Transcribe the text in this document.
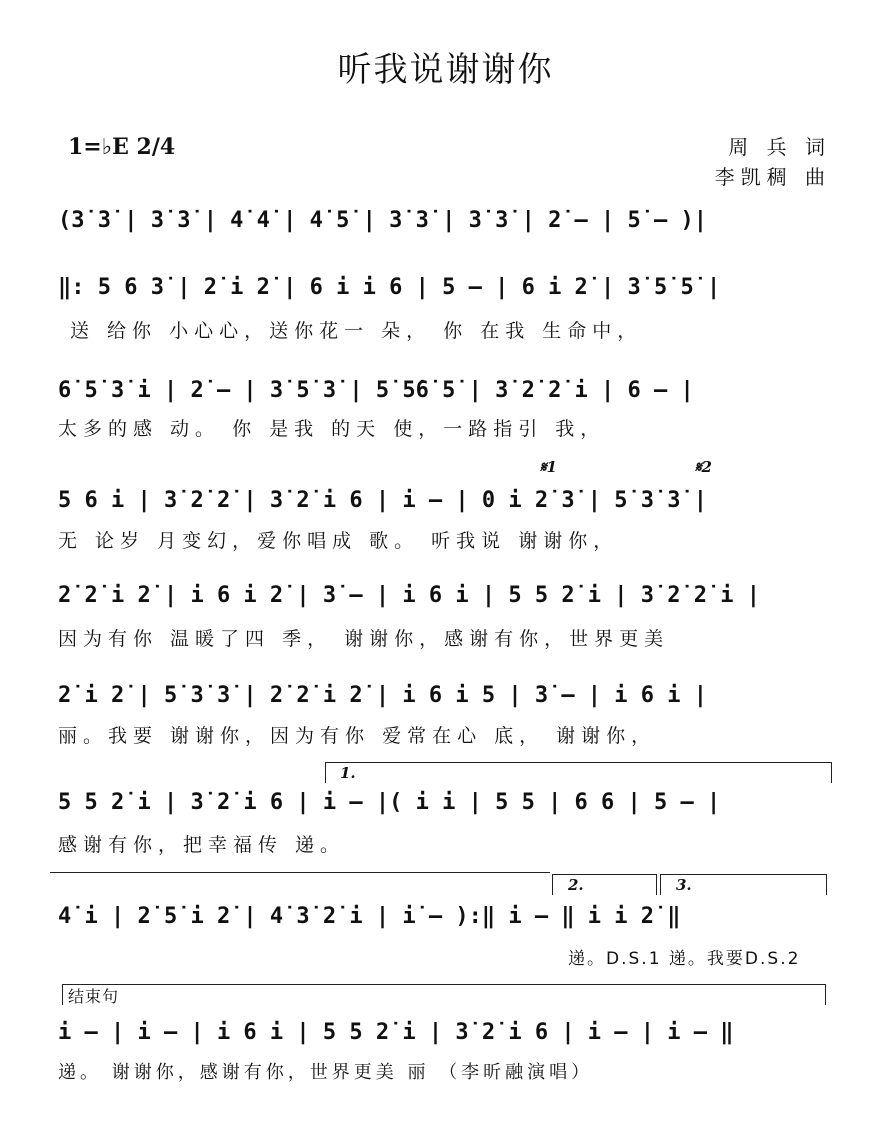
听我说谢谢你
1=♭E 2/4	周 兵 词
李凯稠 曲
(3̇ 3̇ | 3̇ 3̇ | 4̇ 4̇ | 4̇ 5̇ | 3̇ 3̇ | 3̇ 3̇ | 2̇ – | 5̇ – )|
‖: 5 6 3̇ | 2̇ i 2̇ | 6 i i 6 | 5 – | 6 i 2̇ | 3̇ 5̇ 5̇ |
送 给你 小心心，送你花一 朵， 你 在我 生命中，
6̇ 5̇ 3̇ i | 2̇ – | 3̇ 5̇ 3̇ | 5̇ 5̇6̇ 5̇ | 3̇ 2̇ 2̇ i | 6 – |
太多的感 动。 你 是我 的天 使，一路指引 我，
𝄋1	𝄋2
5 6 i | 3̇ 2̇ 2̇ | 3̇ 2̇ i 6 | i – | 0 i 2̇ 3̇ | 5̇ 3̇ 3̇ |
无 论岁 月变幻，爱你唱成 歌。 听我说 谢谢你，
2̇ 2̇ i 2̇ | i 6 i 2̇ | 3̇ – | i 6 i | 5 5 2̇ i | 3̇ 2̇ 2̇ i |
因为有你 温暖了四 季， 谢谢你，感谢有你，世界更美
2̇ i 2̇ | 5̇ 3̇ 3̇ | 2̇ 2̇ i 2̇ | i 6 i 5 | 3̇ – | i 6 i |
丽。我要 谢谢你，因为有你 爱常在心 底， 谢谢你，
1.
5 5 2̇ i | 3̇ 2̇ i 6 | i – |( i i | 5 5 | 6 6 | 5 – |
感谢有你，把幸福传 递。
2.	3.
4̇ i | 2̇ 5̇ i 2̇ | 4̇ 3̇ 2̇ i | i̇ – ):‖ i – ‖ i i 2̇ ‖
递。D.S.1 递。我要D.S.2
结束句
i – | i – | i 6 i | 5 5 2̇ i | 3̇ 2̇ i 6 | i – | i – ‖
递。 谢谢你，感谢有你，世界更美 丽 （李昕融演唱）
